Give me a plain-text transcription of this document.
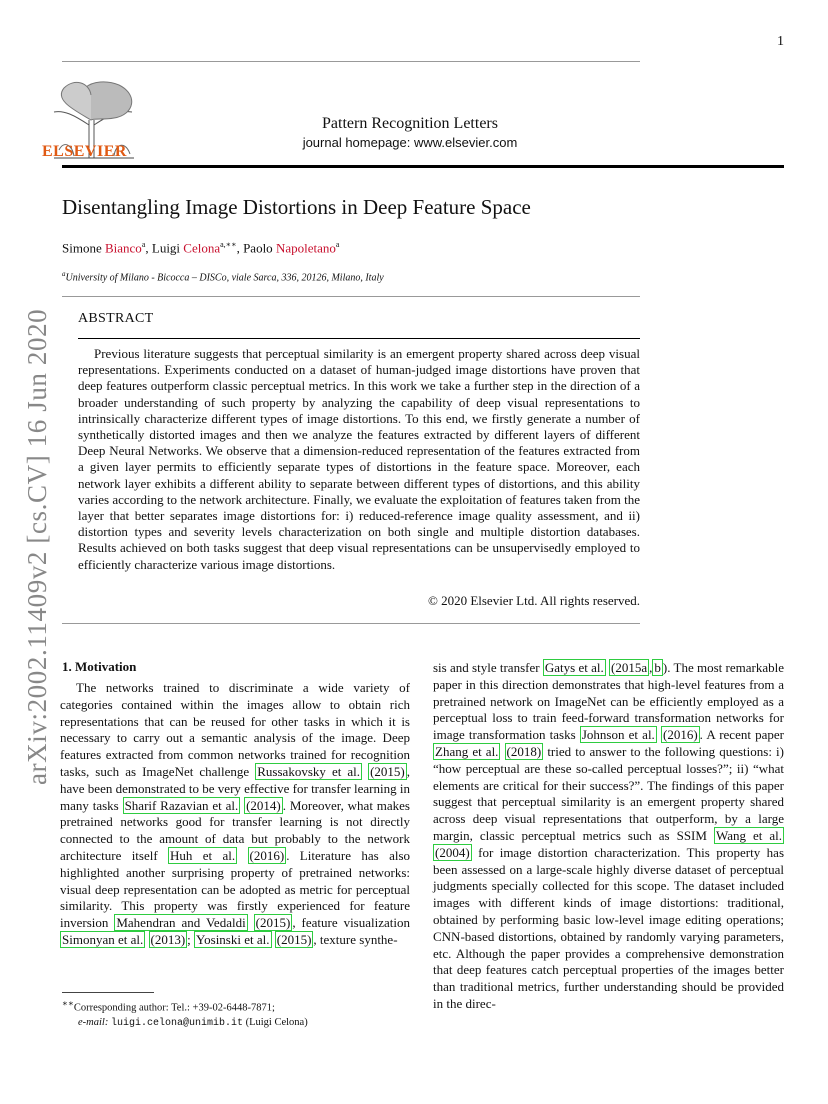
1
ELSEVIER
Pattern Recognition Letters
journal homepage: www.elsevier.com
Disentangling Image Distortions in Deep Feature Space
Simone Bianco$^a$, Luigi Celona$^{a,∗∗}$, Paolo Napoletano$^a$
$^a$University of Milano - Bicocca – DISCo, viale Sarca, 336, 20126, Milano, Italy
ABSTRACT
Previous literature suggests that perceptual similarity is an emergent property shared across deep visual representations. Experiments conducted on a dataset of human-judged image distortions have proven that deep features outperform classic perceptual metrics. In this work we take a further step in the direction of a broader understanding of such property by analyzing the capability of deep visual representations to intrinsically characterize different types of image distortions. To this end, we firstly generate a number of synthetically distorted images and then we analyze the features extracted by different layers of different Deep Neural Networks. We observe that a dimension-reduced representation of the features extracted from a given layer permits to efficiently separate types of distortions in the feature space. Moreover, each network layer exhibits a different ability to separate between different types of distortions, and this ability varies according to the network architecture. Finally, we evaluate the exploitation of features taken from the layer that better separates image distortions for: i) reduced-reference image quality assessment, and ii) distortion types and severity levels characterization on both single and multiple distortion databases. Results achieved on both tasks suggest that deep visual representations can be unsupervisedly employed to efficiently characterize various image distortions.
© 2020 Elsevier Ltd. All rights reserved.
arXiv:2002.11409v2 [cs.CV] 16 Jun 2020 1. Motivation

The networks trained to discriminate a wide variety of categories contained within the images allow to obtain rich representations that can be reused for other tasks in which it is necessary to carry out a semantic analysis of the image. Deep features extracted from common networks trained for recognition tasks, such as ImageNet challenge Russakovsky et al. (2015) , have been demonstrated to be very effective for transfer learning in many tasks Sharif Razavian et al. (2014) . Moreover, what makes pretrained networks good for transfer learning is not directly connected to the amount of data but probably to the network architecture itself Huh et al. (2016) . Literature has also highlighted another surprising property of pretrained networks: visual deep representation can be adopted as metric for perceptual similarity. This property was firstly experienced for feature inversion Mahendran and Vedaldi (2015) , feature visualization Simonyan et al. (2013) ; Yosinski et al. (2015) , texture synthe-

sis and style transfer Gatys et al. (2015a , b ). The most remarkable paper in this direction demonstrates that high-level features from a pretrained network on ImageNet can be efficiently employed as a perceptual loss to train feed-forward transformation networks for image transformation tasks Johnson et al. (2016) . A recent paper Zhang et al. (2018) tried to answer to the following questions: i) “how perceptual are these so-called perceptual losses?”; ii) “what elements are critical for their success?”. The findings of this paper suggest that perceptual similarity is an emergent property shared across deep visual representations that outperform, by a large margin, classic perceptual metrics such as SSIM Wang et al. (2004) for image distortion characterization. This property has been assessed on a large-scale highly diverse dataset of perceptual judgments specially collected for this scope. The dataset included images with different kinds of image distortions: traditional, obtained by performing basic low-level image editing operations; CNN-based distortions, obtained by randomly varying parameters, etc. Although the paper provides a comprehensive demonstration that deep features catch perceptual properties of the images better than traditional metrics, further understanding should be provided in the direc-

∗∗Corresponding author: Tel.: +39-02-6448-7871;
e-mail: luigi.celona@unimib.it (Luigi Celona)
